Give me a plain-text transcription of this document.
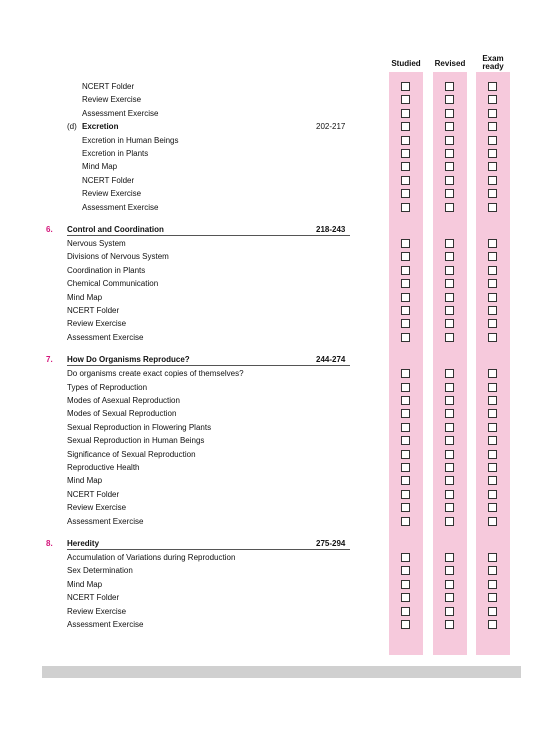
Studied	Revised
Exam
ready
NCERT Folder
Review Exercise
Assessment Exercise
(d) Excretion	202-217
Excretion in Human Beings
Excretion in Plants
Mind Map
NCERT Folder
Review Exercise
Assessment Exercise
6. Control and Coordination	218-243
Nervous System
Divisions of Nervous System
Coordination in Plants
Chemical Communication
Mind Map
NCERT Folder
Review Exercise
Assessment Exercise
7. How Do Organisms Reproduce?	244-274
Do organisms create exact copies of themselves?
Types of Reproduction
Modes of Asexual Reproduction
Modes of Sexual Reproduction
Sexual Reproduction in Flowering Plants
Sexual Reproduction in Human Beings
Significance of Sexual Reproduction
Reproductive Health
Mind Map
NCERT Folder
Review Exercise
Assessment Exercise
8. Heredity	275-294
Accumulation of Variations during Reproduction
Sex Determination
Mind Map
NCERT Folder
Review Exercise
Assessment Exercise
